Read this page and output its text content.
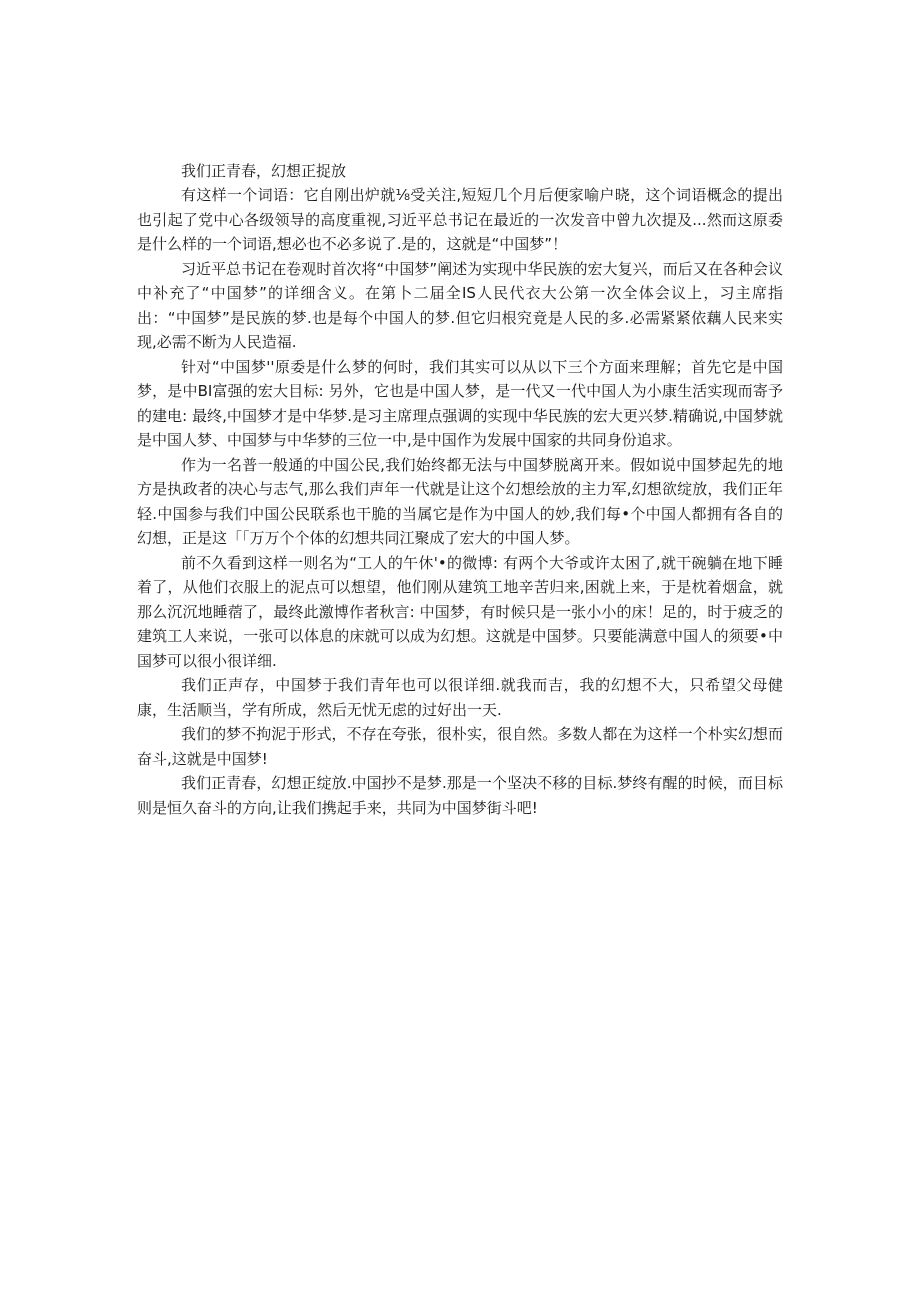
我们正青春，幻想正捉放

有这样一个词语：它自刚出炉就⅛受关注,短短几个月后便家喻户晓，这个词语概念的提出也引起了党中心各级领导的高度重视,习近平总书记在最近的一次发音中曾九次提及...然而这原委是什么样的一个词语,想必也不必多说了.是的，这就是“中国梦”！

习近平总书记在卷观时首次将“中国梦”阐述为实现中华民族的宏大复兴，而后又在各种会议中补充了“中国梦”的详细含义。在第卜二届全IS人民代衣大公第一次全体会议上，习主席指出：“中国梦”是民族的梦.也是每个中国人的梦.但它归根究竟是人民的多.必需紧紧依藕人民来实现,必需不断为人民造福.

针对“中国梦''原委是什么梦的何时，我们其实可以从以下三个方面来理解；首先它是中国梦，是中BI富强的宏大目标: 另外，它也是中国人梦，是一代又一代中国人为小康生活实现而寄予的建电: 最终,中国梦才是中华梦.是习主席理点强调的实现中华民族的宏大更兴梦.精确说,中国梦就是中国人梦、中国梦与中华梦的三位一中,是中国作为发展中国家的共同身份追求。

作为一名普一般通的中国公民,我们始终都无法与中国梦脱离开来。假如说中国梦起先的地方是执政者的决心与志气,那么我们声年一代就是让这个幻想绘放的主力军,幻想欲绽放，我们正年轻.中国参与我们中国公民联系也干脆的当属它是作为中国人的妙,我们每•个中国人都拥有各自的幻想，正是这「「万万个个体的幻想共同江聚成了宏大的中国人梦。

前不久看到这样一则名为“工人的午休'•的微博: 有两个大爷或许太困了,就干碗躺在地下睡着了，从他们衣服上的泥点可以想望，他们刚从建筑工地辛苦归来,困就上来，于是枕着烟盒，就那么沉沉地睡蓿了，最终此激博作者秋言: 中国梦，有时候只是一张小小的床！足的，时于疲乏的建筑工人来说，一张可以体息的床就可以成为幻想。这就是中国梦。只要能满意中国人的须要•中国梦可以很小很详细.

我们正声存，中国梦于我们青年也可以很详细.就我而吉，我的幻想不大，只希望父母健康，生活顺当，学有所成，然后无忧无虑的过好出一天.

我们的梦不拘泥于形式，不存在夸张，很朴实，很自然。多数人都在为这样一个朴实幻想而奋斗,这就是中国梦!

我们正青春，幻想正绽放.中国抄不是梦.那是一个坚决不移的目标.梦终有醒的时候，而目标则是恒久奋斗的方向,让我们携起手来，共同为中国梦街斗吧!
